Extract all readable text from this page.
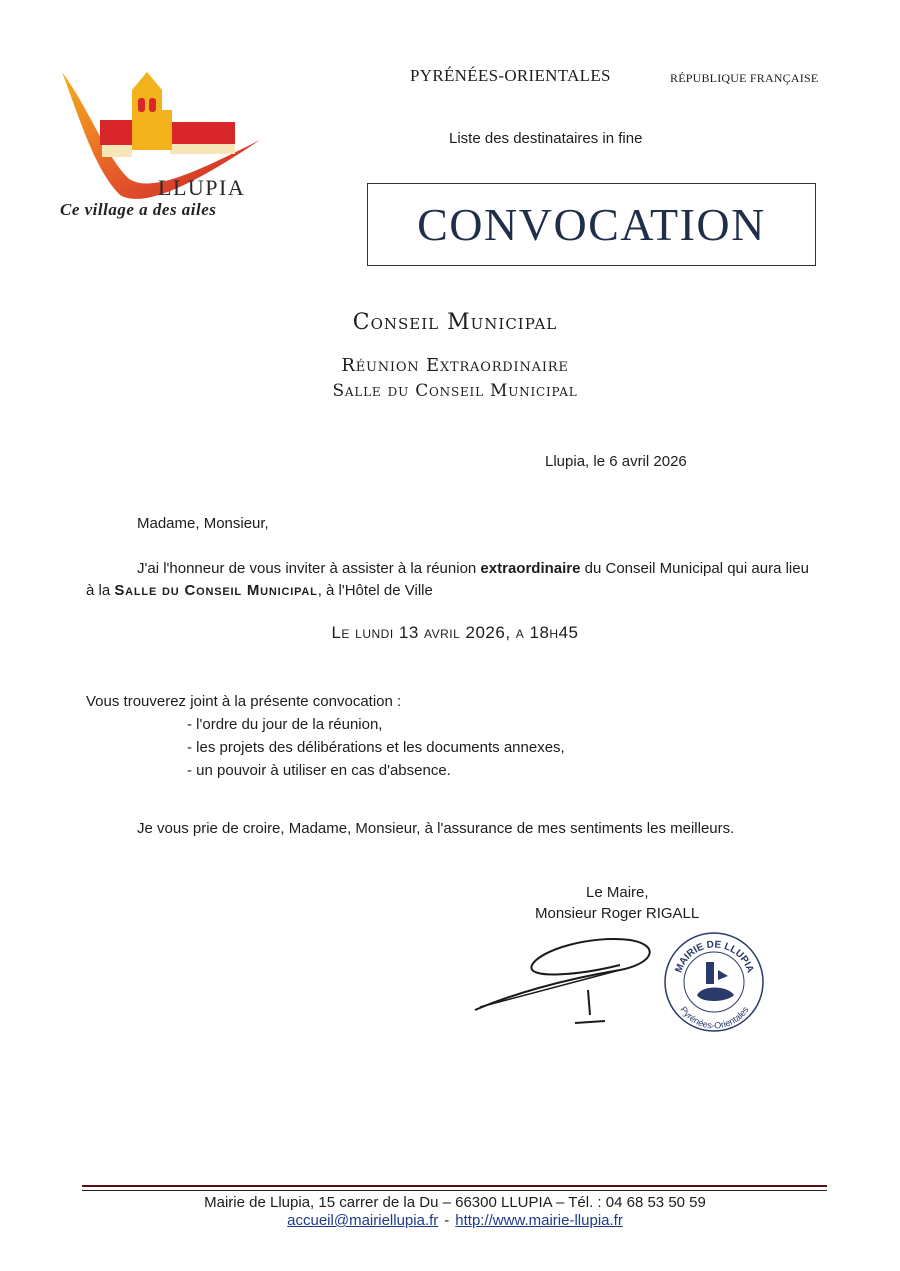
LLUPIA
Ce village a des ailes
PYRÉNÉES-ORIENTALES	RÉPUBLIQUE FRANÇAISE
Liste des destinataires in fine
CONVOCATION
Conseil Municipal
Réunion Extraordinaire
Salle du Conseil Municipal
Llupia, le 6 avril 2026
Madame, Monsieur,
J'ai l'honneur de vous inviter à assister à la réunion extraordinaire du Conseil Municipal qui aura lieu à la Salle du Conseil Municipal, à l'Hôtel de Ville
Le lundi 13 avril 2026, a 18h45
Vous trouverez joint à la présente convocation :
- l'ordre du jour de la réunion,
- les projets des délibérations et les documents annexes,
- un pouvoir à utiliser en cas d'absence.
Je vous prie de croire, Madame, Monsieur, à l'assurance de mes sentiments les meilleurs.
Le Maire,
Monsieur Roger RIGALL
MAIRIE DE LLUPIA
Pyrénées-Orientales
Mairie de Llupia, 15 carrer de la Du – 66300 LLUPIA – Tél. : 04 68 53 50 59
accueil@mairiellupia.fr - http://www.mairie-llupia.fr
